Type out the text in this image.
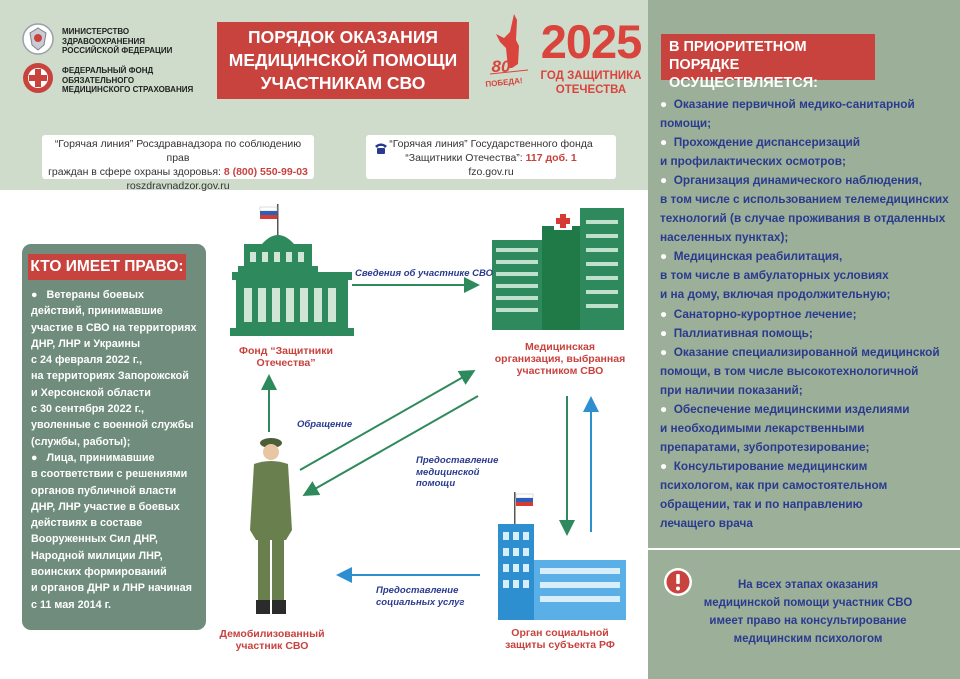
МИНИСТЕРСТВО
ЗДРАВООХРАНЕНИЯ
РОССИЙСКОЙ ФЕДЕРАЦИИ
ФЕДЕРАЛЬНЫЙ ФОНД
ОБЯЗАТЕЛЬНОГО
МЕДИЦИНСКОГО СТРАХОВАНИЯ
ПОРЯДОК ОКАЗАНИЯ
МЕДИЦИНСКОЙ ПОМОЩИ
УЧАСТНИКАМ СВО
80
ПОБЕДА!
2025
ГОД ЗАЩИТНИКА
ОТЕЧЕСТВА
“Горячая линия” Росздравнадзора по соблюдению прав
граждан в сфере охраны здоровья: 8 (800) 550-99-03
roszdravnadzor.gov.ru
“Горячая линия” Государственного фонда
“Защитники Отечества”: 117 доб. 1
fzo.gov.ru
КТО ИМЕЕТ ПРАВО:
● Ветераны боевых
действий, принимавшие
участие в СВО на территориях
ДНР, ЛНР и Украины
с 24 февраля 2022 г.,
на территориях Запорожской
и Херсонской области
с 30 сентября 2022 г.,
уволенные с военной службы
(службы, работы);
● Лица, принимавшие
в соответствии с решениями
органов публичной власти
ДНР, ЛНР участие в боевых
действиях в составе
Вооруженных Сил ДНР,
Народной милиции ЛНР,
воинских формирований
и органов ДНР и ЛНР начиная
с 11 мая 2014 г.
Фонд “Защитники
Отечества”
Медицинская
организация, выбранная
участником СВО
Демобилизованный
участник СВО
Орган социальной
защиты субъекта РФ
Сведения об участнике СВО
Обращение
Предоставление
медицинской
помощи
Предоставление
социальных услуг
В ПРИОРИТЕТНОМ ПОРЯДКЕ
ОСУЩЕСТВЛЯЕТСЯ:
● Оказание первичной медико-санитарной
помощи;
● Прохождение диспансеризаций
и профилактических осмотров;
● Организация динамического наблюдения,
в том числе с использованием телемедицинских
технологий (в случае проживания в отдаленных
населенных пунктах);
● Медицинская реабилитация,
в том числе в амбулаторных условиях
и на дому, включая продолжительную;
● Санаторно-курортное лечение;
● Паллиативная помощь;
● Оказание специализированной медицинской
помощи, в том числе высокотехнологичной
при наличии показаний;
● Обеспечение медицинскими изделиями
и необходимыми лекарственными
препаратами, зубопротезирование;
● Консультирование медицинским
психологом, как при самостоятельном
обращении, так и по направлению
лечащего врача
На всех этапах оказания
медицинской помощи участник СВО
имеет право на консультирование
медицинским психологом
